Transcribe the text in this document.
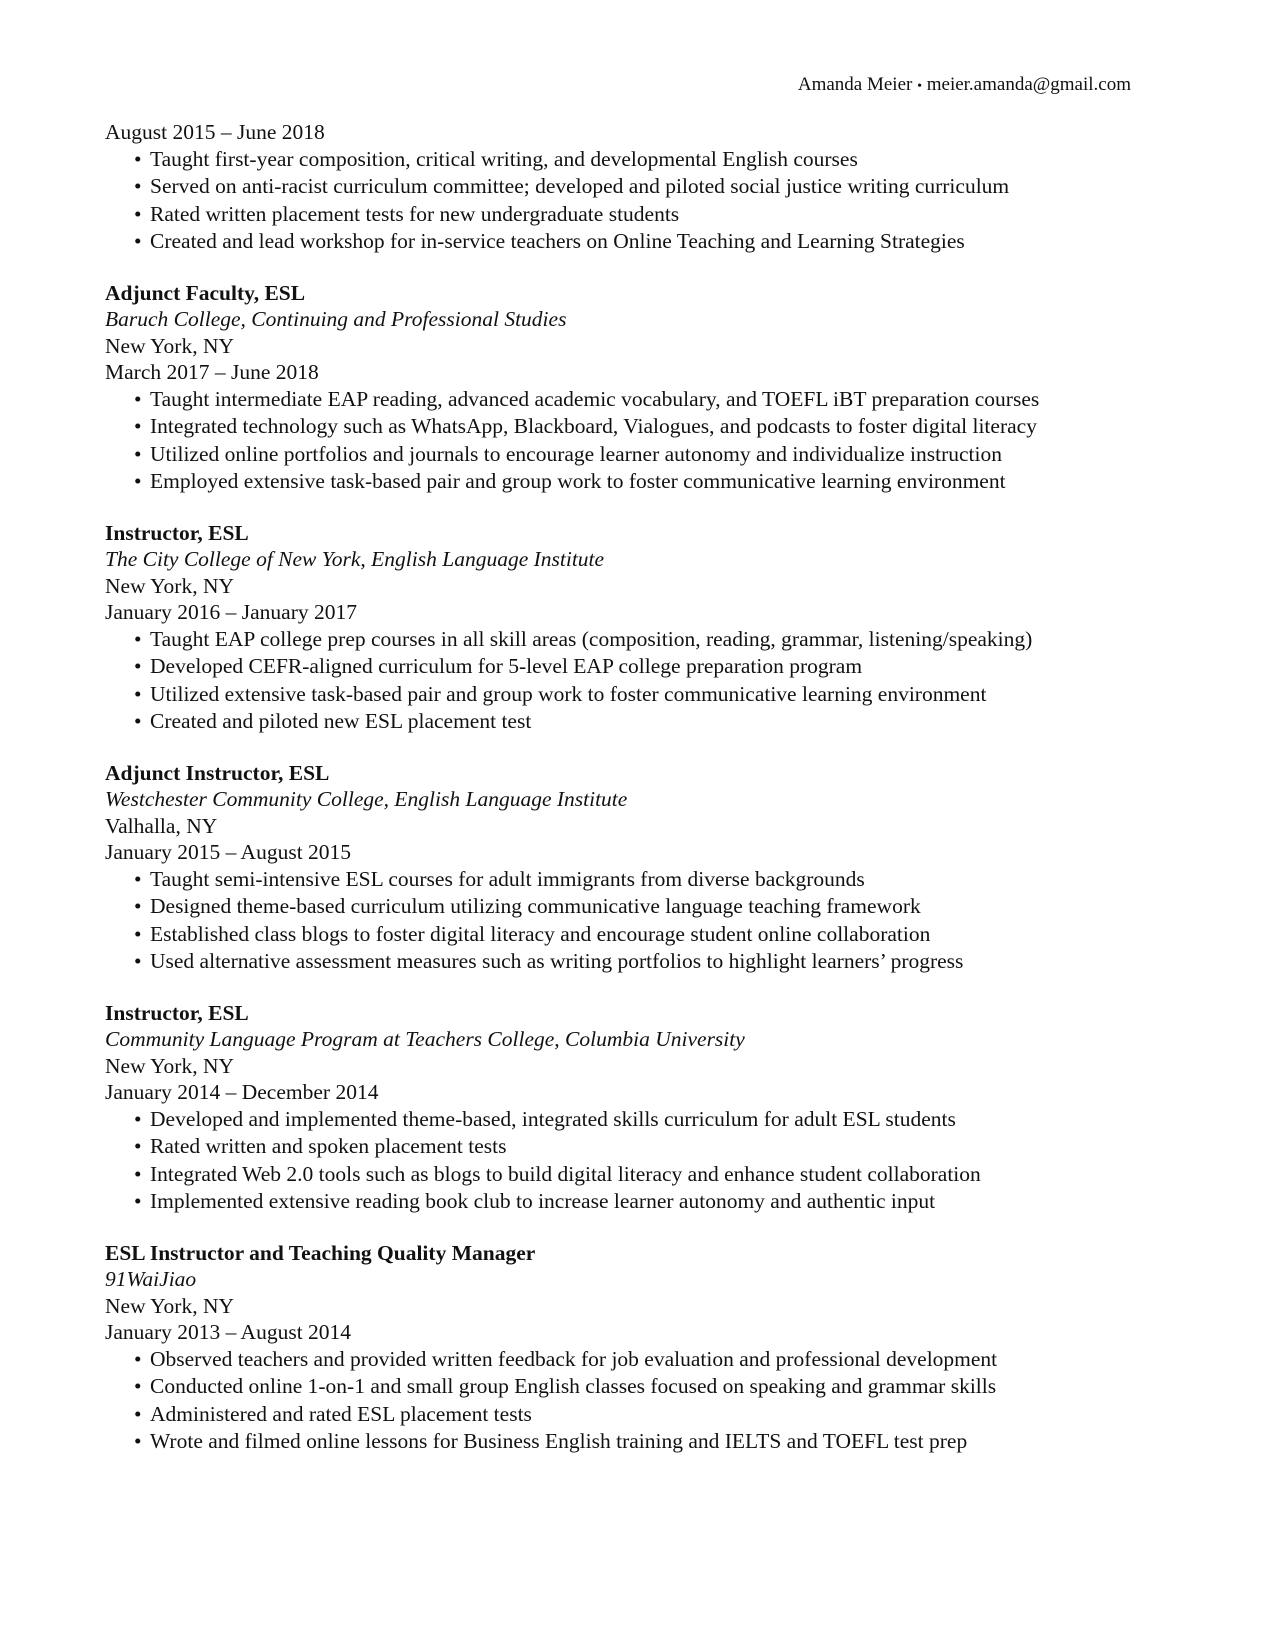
Amanda Meier • meier.amanda@gmail.com
August 2015 – June 2018
• Taught first-year composition, critical writing, and developmental English courses
• Served on anti-racist curriculum committee; developed and piloted social justice writing curriculum
• Rated written placement tests for new undergraduate students
• Created and lead workshop for in-service teachers on Online Teaching and Learning Strategies
Adjunct Faculty, ESL
Baruch College, Continuing and Professional Studies
New York, NY
March 2017 – June 2018
• Taught intermediate EAP reading, advanced academic vocabulary, and TOEFL iBT preparation courses
• Integrated technology such as WhatsApp, Blackboard, Vialogues, and podcasts to foster digital literacy
• Utilized online portfolios and journals to encourage learner autonomy and individualize instruction
• Employed extensive task-based pair and group work to foster communicative learning environment
Instructor, ESL
The City College of New York, English Language Institute
New York, NY
January 2016 – January 2017
• Taught EAP college prep courses in all skill areas (composition, reading, grammar, listening/speaking)
• Developed CEFR-aligned curriculum for 5-level EAP college preparation program
• Utilized extensive task-based pair and group work to foster communicative learning environment
• Created and piloted new ESL placement test
Adjunct Instructor, ESL
Westchester Community College, English Language Institute
Valhalla, NY
January 2015 – August 2015
• Taught semi-intensive ESL courses for adult immigrants from diverse backgrounds
• Designed theme-based curriculum utilizing communicative language teaching framework
• Established class blogs to foster digital literacy and encourage student online collaboration
• Used alternative assessment measures such as writing portfolios to highlight learners’ progress
Instructor, ESL
Community Language Program at Teachers College, Columbia University
New York, NY
January 2014 – December 2014
• Developed and implemented theme-based, integrated skills curriculum for adult ESL students
• Rated written and spoken placement tests
• Integrated Web 2.0 tools such as blogs to build digital literacy and enhance student collaboration
• Implemented extensive reading book club to increase learner autonomy and authentic input
ESL Instructor and Teaching Quality Manager
91WaiJiao
New York, NY
January 2013 – August 2014
• Observed teachers and provided written feedback for job evaluation and professional development
• Conducted online 1-on-1 and small group English classes focused on speaking and grammar skills
• Administered and rated ESL placement tests
• Wrote and filmed online lessons for Business English training and IELTS and TOEFL test prep
